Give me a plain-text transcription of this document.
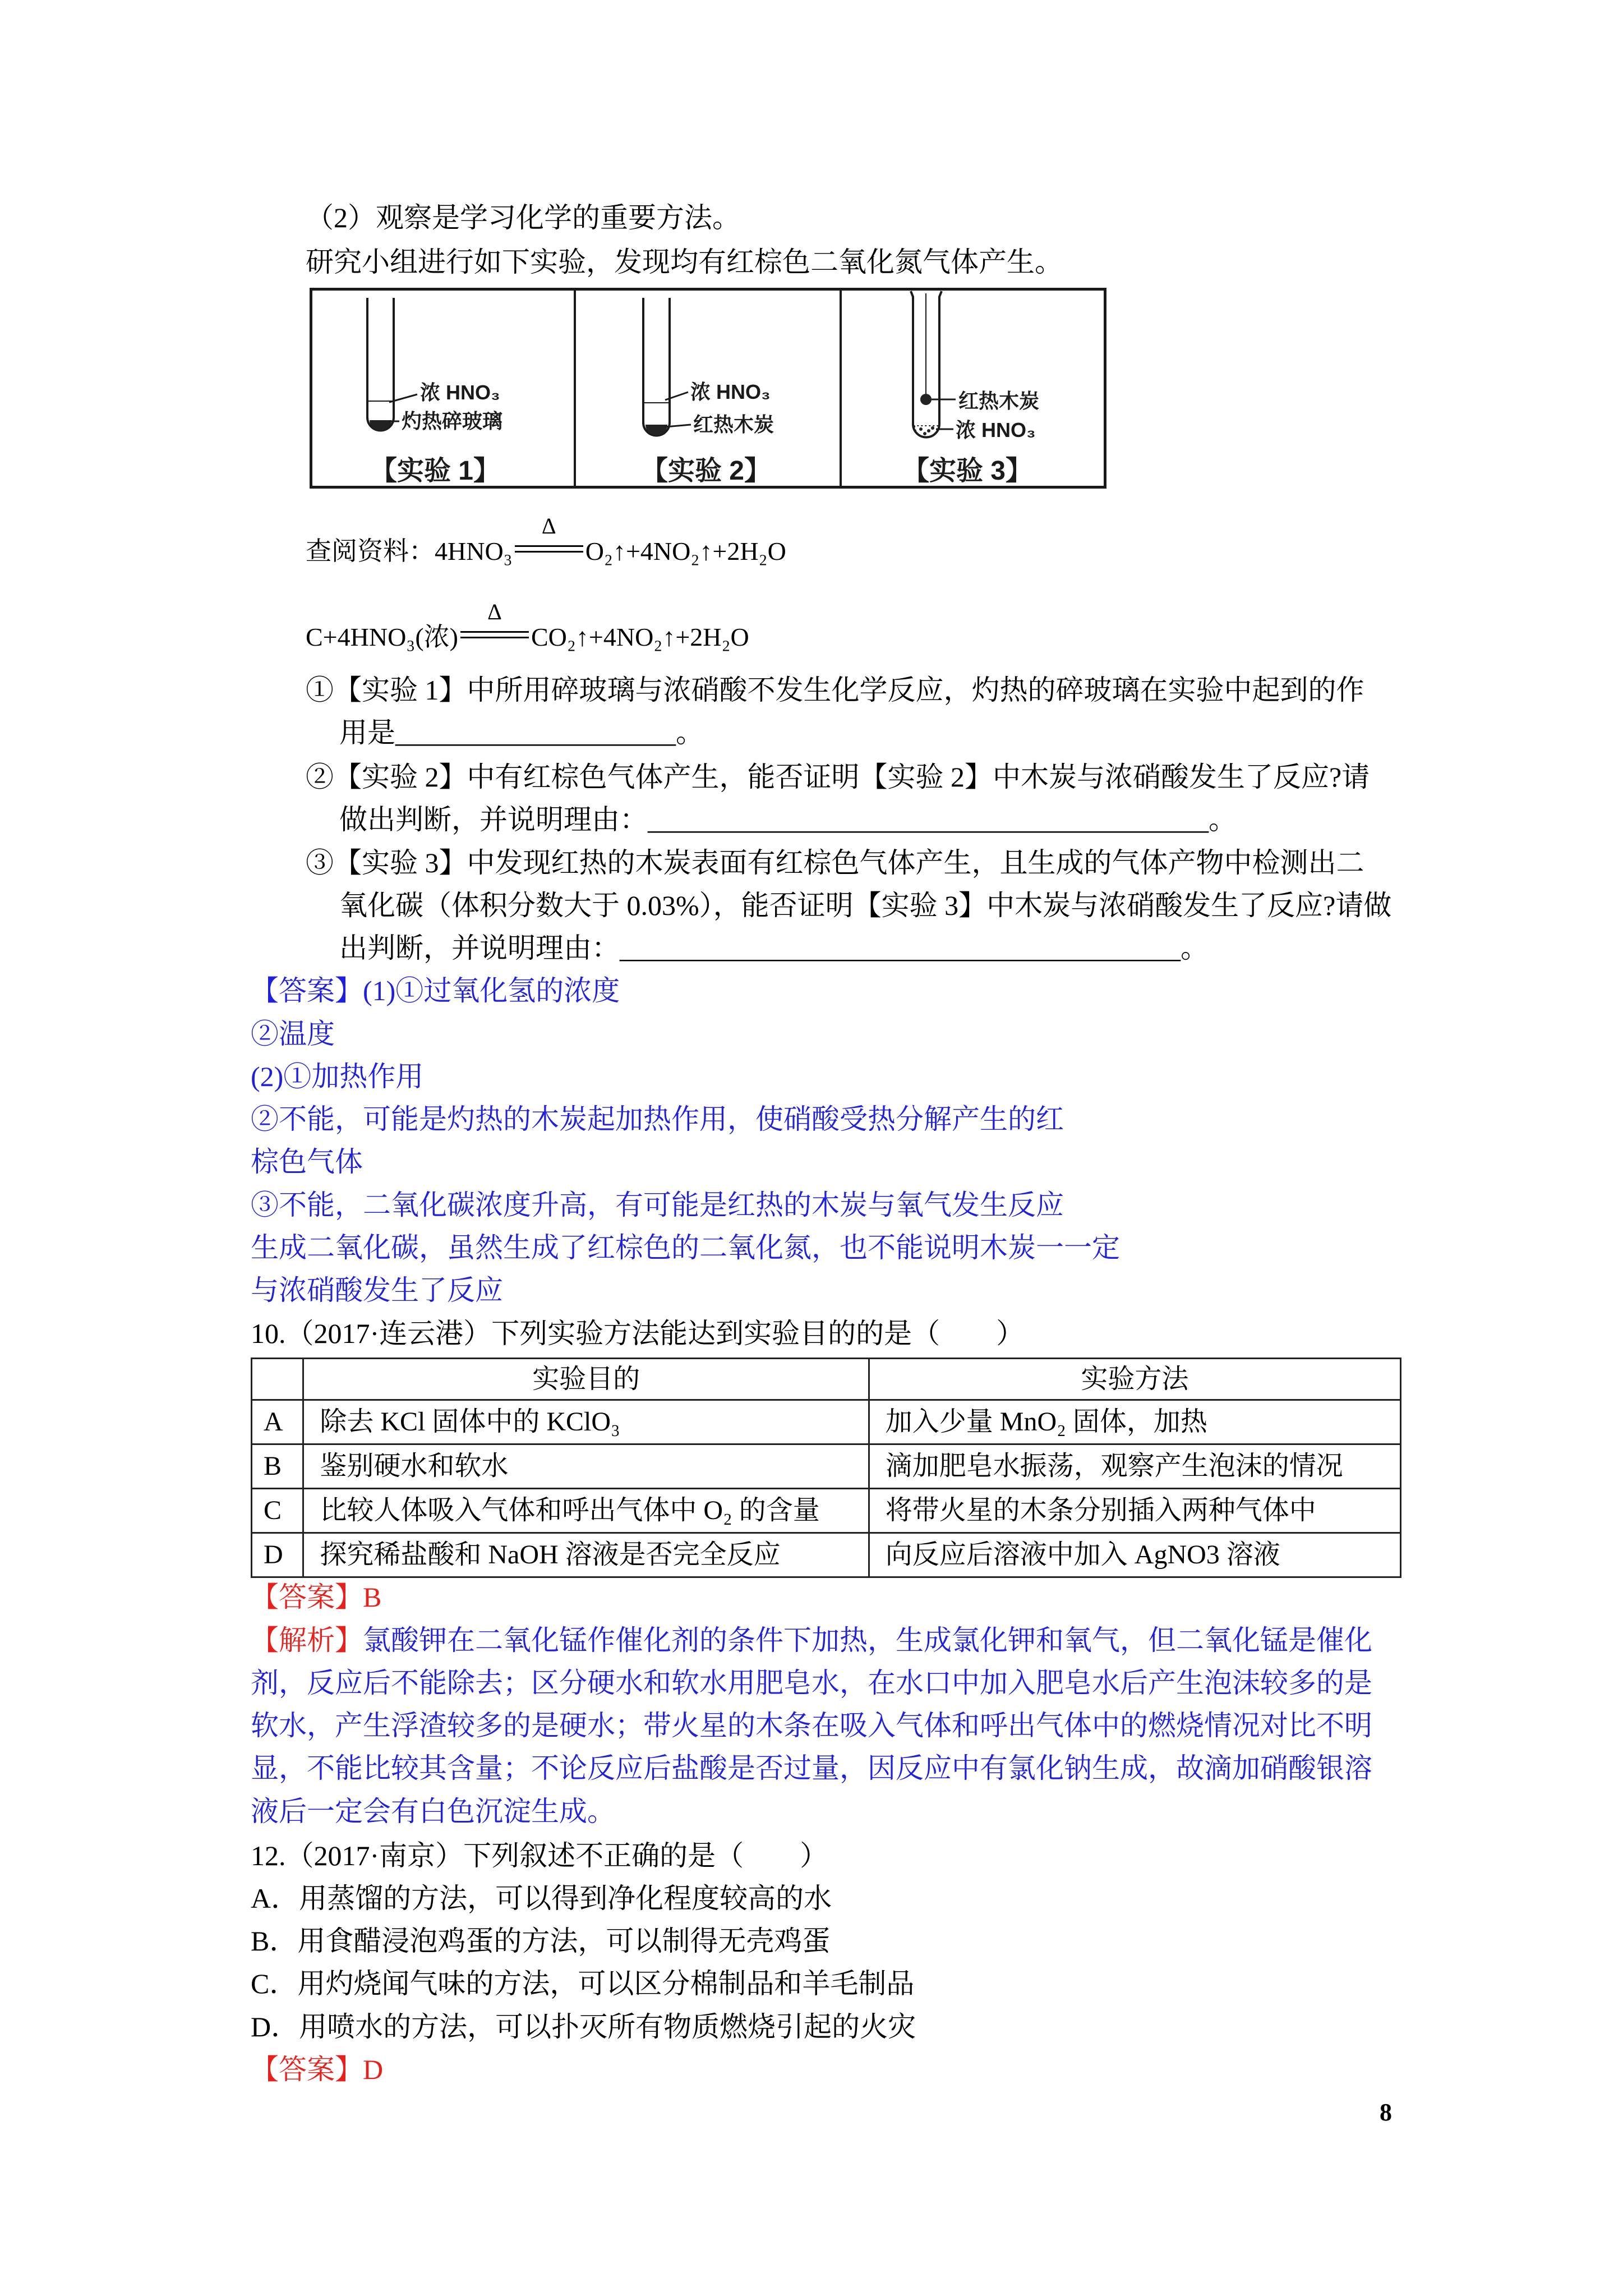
（2）观察是学习化学的重要方法。
研究小组进行如下实验，发现均有红棕色二氧化氮气体产生。
浓 HNO₃
灼热碎玻璃
【实验 1】
浓 HNO₃
红热木炭
【实验 2】
红热木炭
浓 HNO₃
【实验 3】
查阅资料：4HNO₃
Δ
O₂↑+4NO₂↑+2H₂O
C+4HNO₃(浓)
Δ
CO₂↑+4NO₂↑+2H₂O
①【实验 1】中所用碎玻璃与浓硝酸不发生化学反应，灼热的碎玻璃在实验中起到的作
用是____________________。
②【实验 2】中有红棕色气体产生，能否证明【实验 2】中木炭与浓硝酸发生了反应?请
做出判断，并说明理由：________________________________________。
③【实验 3】中发现红热的木炭表面有红棕色气体产生，且生成的气体产物中检测出二
氧化碳（体积分数大于 0.03%），能否证明【实验 3】中木炭与浓硝酸发生了反应?请做
出判断，并说明理由：________________________________________。
【答案】(1)①过氧化氢的浓度
②温度
(2)①加热作用
②不能，可能是灼热的木炭起加热作用，使硝酸受热分解产生的红
棕色气体
③不能，二氧化碳浓度升高，有可能是红热的木炭与氧气发生反应
生成二氧化碳，虽然生成了红棕色的二氧化氮，也不能说明木炭一一定
与浓硝酸发生了反应
10.（2017·连云港）下列实验方法能达到实验目的的是（　　）
	实验目的	实验方法
A	除去 KCl 固体中的 KClO₃	加入少量 MnO₂ 固体，加热
B	鉴别硬水和软水	滴加肥皂水振荡，观察产生泡沫的情况
C	比较人体吸入气体和呼出气体中 O₂ 的含量	将带火星的木条分别插入两种气体中
D	探究稀盐酸和 NaOH 溶液是否完全反应	向反应后溶液中加入 AgNO3 溶液
【答案】B
【解析】氯酸钾在二氧化锰作催化剂的条件下加热，生成氯化钾和氧气，但二氧化锰是催化
剂，反应后不能除去；区分硬水和软水用肥皂水，在水口中加入肥皂水后产生泡沫较多的是
软水，产生浮渣较多的是硬水；带火星的木条在吸入气体和呼出气体中的燃烧情况对比不明
显，不能比较其含量；不论反应后盐酸是否过量，因反应中有氯化钠生成，故滴加硝酸银溶
液后一定会有白色沉淀生成。
12.（2017·南京）下列叙述不正确的是（　　）
A．用蒸馏的方法，可以得到净化程度较高的水
B．用食醋浸泡鸡蛋的方法，可以制得无壳鸡蛋
C．用灼烧闻气味的方法，可以区分棉制品和羊毛制品
D．用喷水的方法，可以扑灭所有物质燃烧引起的火灾
【答案】D
8
